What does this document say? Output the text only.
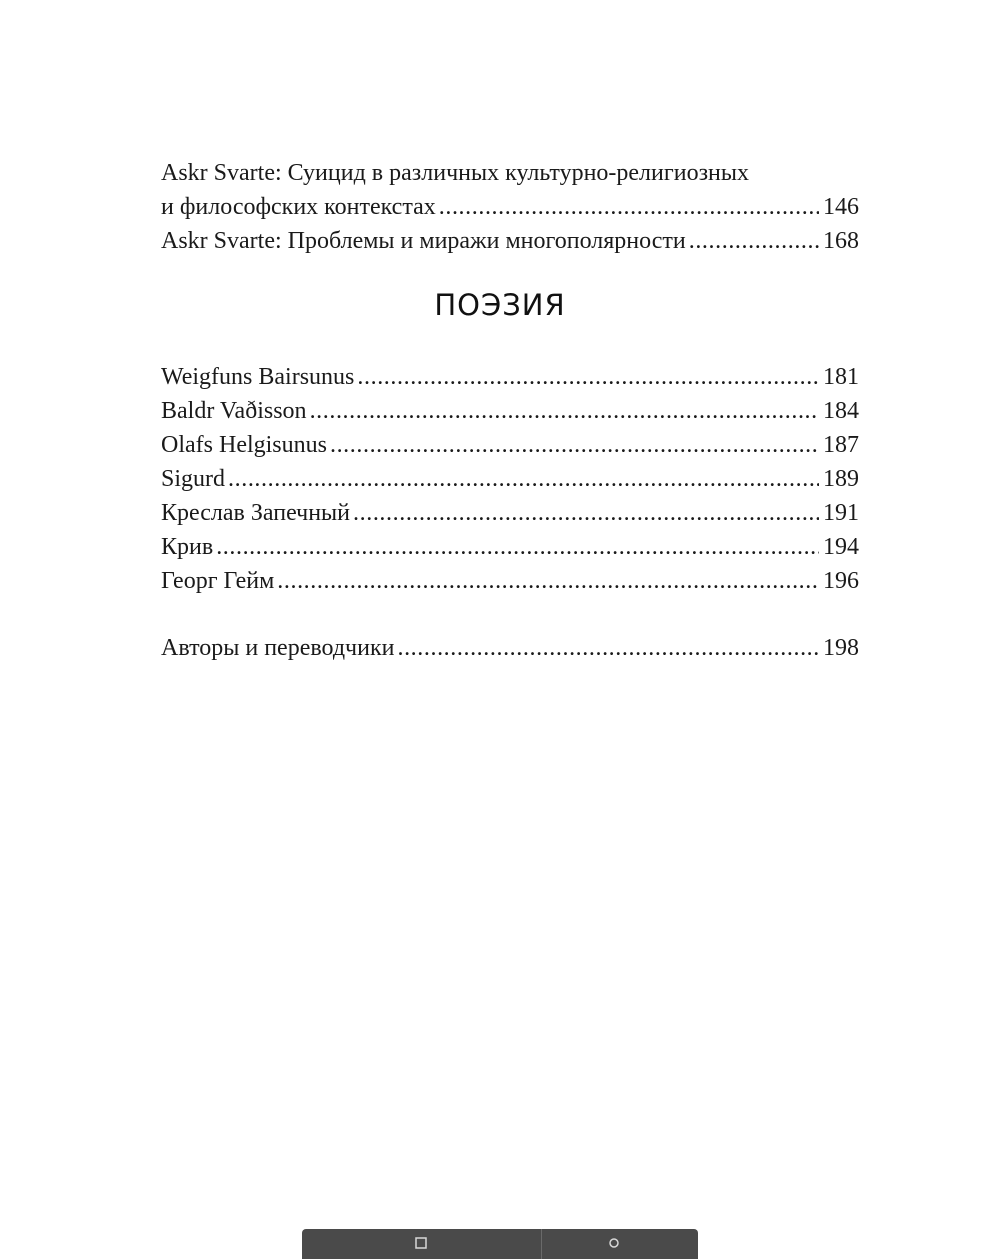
Askr Svarte: Суицид в различных культурно-религиозных
и философских контекстах .....	146
Askr Svarte: Проблемы и миражи многополярности .....	168
ПОЭЗИЯ
Weigfuns Bairsunus .....	181
Baldr Vaðisson .....	184
Olafs Helgisunus .....	187
Sigurd .....	189
Креслав Запечный .....	191
Крив .....	194
Георг Гейм .....	196
Авторы и переводчики .....	198
